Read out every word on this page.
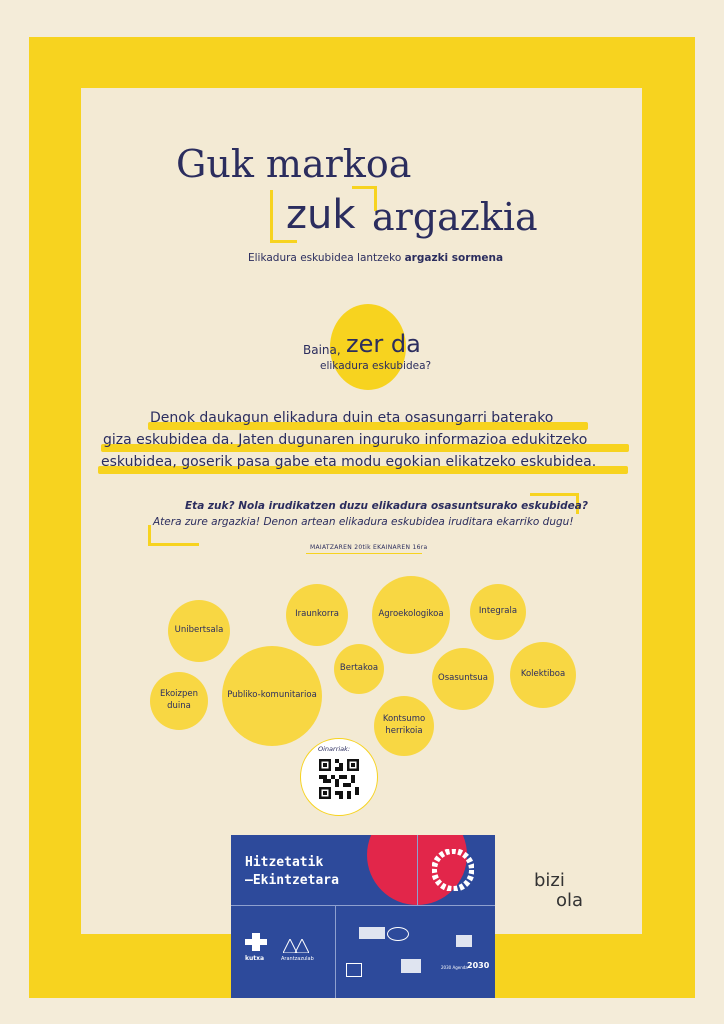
Guk markoa
zuk argazkia
Elikadura eskubidea lantzeko argazki sormena
Baina, zer da
elikadura eskubidea?
Denok daukagun elikadura duin eta osasungarri baterako
giza eskubidea da. Jaten dugunaren inguruko informazioa edukitzeko
eskubidea, goserik pasa gabe eta modu egokian elikatzeko eskubidea.
Eta zuk? Nola irudikatzen duzu elikadura osasuntsurako eskubidea?
Atera zure argazkia! Denon artean elikadura eskubidea iruditara ekarriko dugu!
MAIATZAREN 20tik EKAINAREN 16ra
Unibertsala
Iraunkorra	Agroekologikoa	Integrala
Bertakoa
Osasuntsua	Kolektiboa
Ekoizpen
duina
Publiko-komunitarioa
Kontsumo
herrikoia
Oinarriak:
Hitzetatik
—Ekintzetara
kutxa	Arantzazulab
2030 Agenda 2030
bizi
ola
